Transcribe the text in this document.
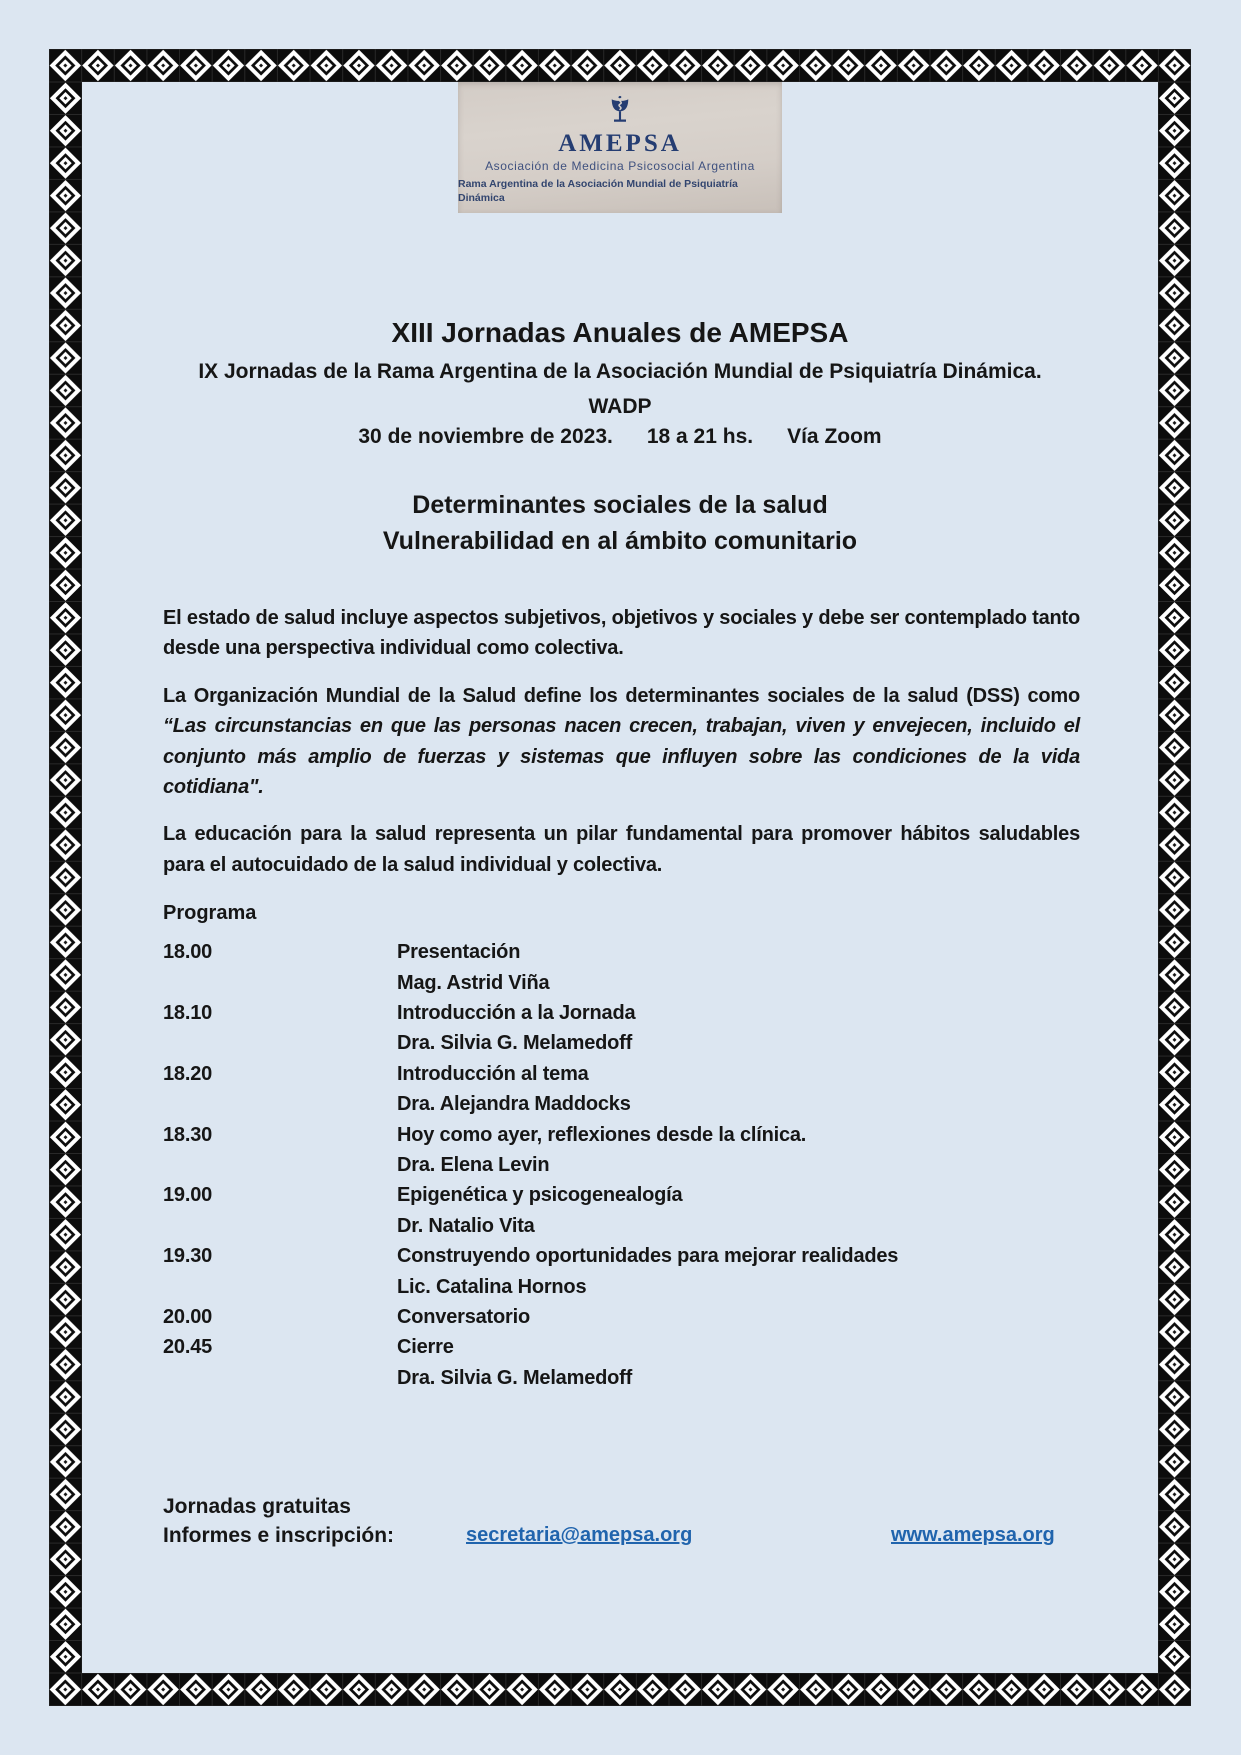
AMEPSA
Asociación de Medicina Psicosocial Argentina
Rama Argentina de la Asociación Mundial de Psiquiatría Dinámica
XIII Jornadas Anuales de AMEPSA

IX Jornadas de la Rama Argentina de la Asociación Mundial de Psiquiatría Dinámica.

WADP

30 de noviembre de 2023. 18 a 21 hs. Vía Zoom

Determinantes sociales de la salud

Vulnerabilidad en al ámbito comunitario

El estado de salud incluye aspectos subjetivos, objetivos y sociales y debe ser contemplado tanto desde una perspectiva individual como colectiva.

La Organización Mundial de la Salud define los determinantes sociales de la salud (DSS) como “Las circunstancias en que las personas nacen crecen, trabajan, viven y envejecen, incluido el conjunto más amplio de fuerzas y sistemas que influyen sobre las condiciones de la vida cotidiana".

La educación para la salud representa un pilar fundamental para promover hábitos saludables para el autocuidado de la salud individual y colectiva.

Programa
18.00	Presentación
Mag. Astrid Viña
18.10	Introducción a la Jornada
Dra. Silvia G. Melamedoff
18.20	Introducción al tema
Dra. Alejandra Maddocks
18.30	Hoy como ayer, reflexiones desde la clínica.
Dra. Elena Levin
19.00	Epigenética y psicogenealogía
Dr. Natalio Vita
19.30	Construyendo oportunidades para mejorar realidades
Lic. Catalina Hornos
20.00	Conversatorio
20.45	Cierre
Dra. Silvia G. Melamedoff

Jornadas gratuitas

Informes e inscripción:	secretaria@amepsa.org	www.amepsa.org
